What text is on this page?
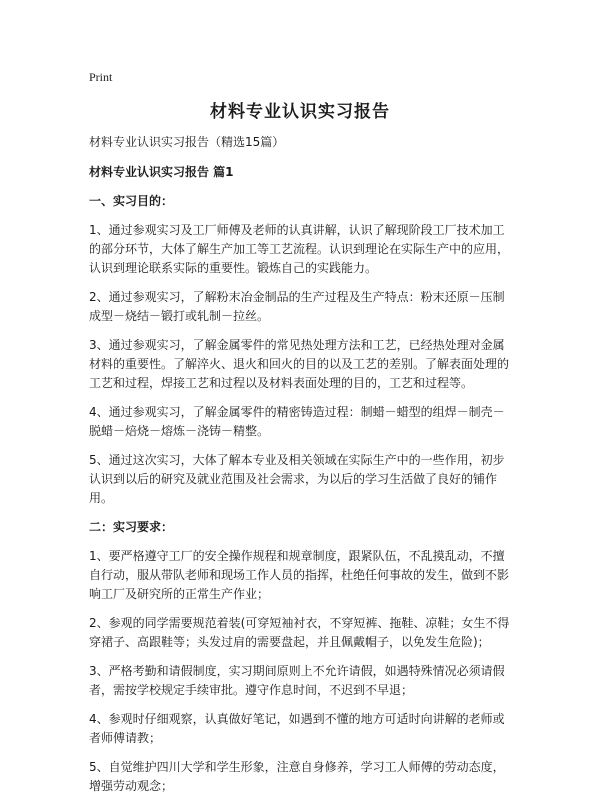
Print
材料专业认识实习报告

材料专业认识实习报告（精选15篇）

材料专业认识实习报告 篇1

一、实习目的：

1、通过参观实习及工厂师傅及老师的认真讲解，认识了解现阶段工厂技术加工的部分环节，大体了解生产加工等工艺流程。认识到理论在实际生产中的应用，认识到理论联系实际的重要性。锻炼自己的实践能力。

2、通过参观实习，了解粉末冶金制品的生产过程及生产特点：粉末还原－压制成型－烧结－锻打或轧制－拉丝。

3、通过参观实习，了解金属零件的常见热处理方法和工艺，已经热处理对金属材料的重要性。了解淬火、退火和回火的目的以及工艺的差别。了解表面处理的工艺和过程，焊接工艺和过程以及材料表面处理的目的，工艺和过程等。

4、通过参观实习，了解金属零件的精密铸造过程：制蜡－蜡型的组焊－制壳－脱蜡－焙烧－熔炼－浇铸－精整。

5、通过这次实习，大体了解本专业及相关领域在实际生产中的一些作用，初步认识到以后的研究及就业范围及社会需求，为以后的学习生活做了良好的铺作用。

二：实习要求：

1、要严格遵守工厂的安全操作规程和规章制度，跟紧队伍，不乱摸乱动，不擅自行动，服从带队老师和现场工作人员的指挥，杜绝任何事故的发生，做到不影响工厂及研究所的正常生产作业；

2、参观的同学需要规范着装(可穿短袖衬衣，不穿短裤、拖鞋、凉鞋；女生不得穿裙子、高跟鞋等；头发过肩的需要盘起，并且佩戴帽子，以免发生危险)；

3、严格考勤和请假制度，实习期间原则上不允许请假，如遇特殊情况必须请假者，需按学校规定手续审批。遵守作息时间，不迟到不早退；

4、参观时仔细观察，认真做好笔记，如遇到不懂的地方可适时向讲解的老师或者师傅请教；

5、自觉维护四川大学和学生形象，注意自身修养，学习工人师傅的劳动态度，增强劳动观念；
